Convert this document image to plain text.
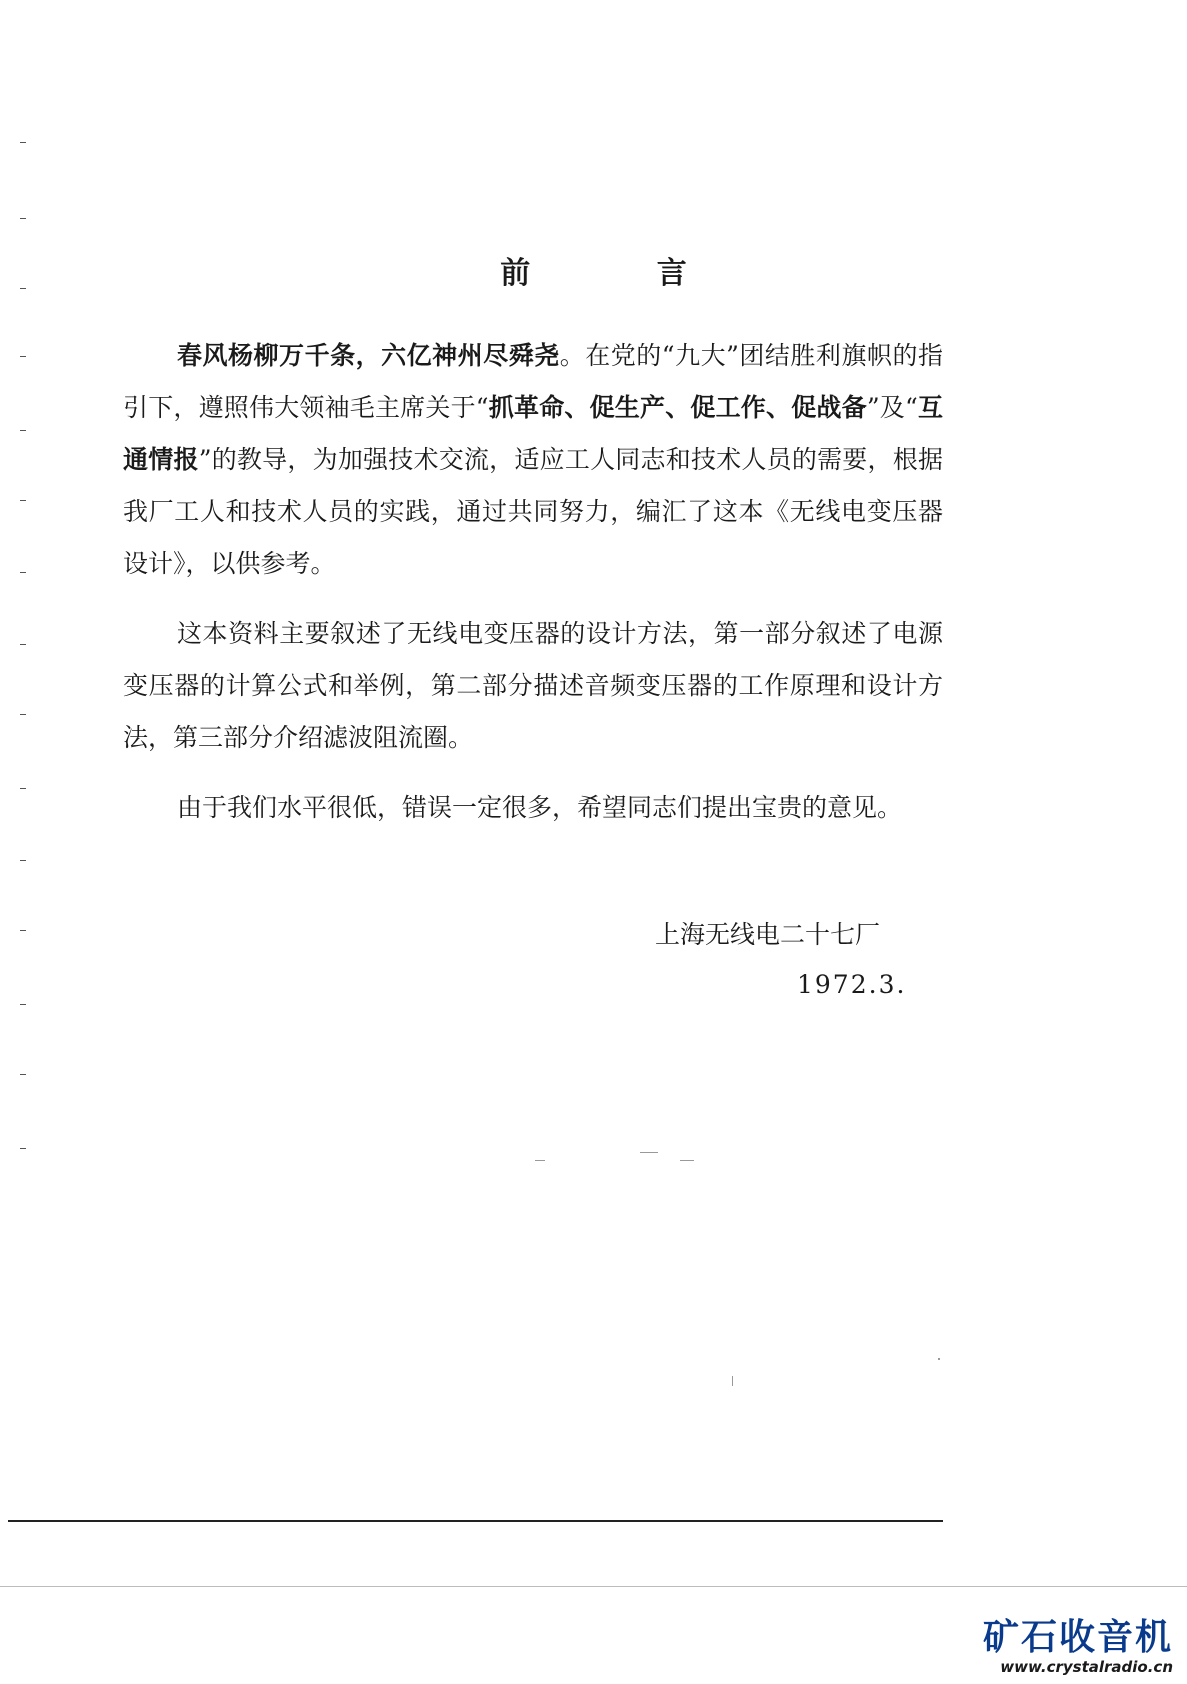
前 言

春风杨柳万千条，六亿神州尽舜尧。在党的“九大”团结胜利旗帜的指引下，遵照伟大领袖毛主席关于“抓革命、促生产、促工作、促战备”及“互通情报”的教导，为加强技术交流，适应工人同志和技术人员的需要，根据我厂工人和技术人员的实践，通过共同努力，编汇了这本《无线电变压器设计》，以供参考。

这本资料主要叙述了无线电变压器的设计方法，第一部分叙述了电源变压器的计算公式和举例，第二部分描述音频变压器的工作原理和设计方法，第三部分介绍滤波阻流圈。

由于我们水平很低，错误一定很多，希望同志们提出宝贵的意见。

上海无线电二十七厂
1972.3.
矿石收音机
www.crystalradio.cn
